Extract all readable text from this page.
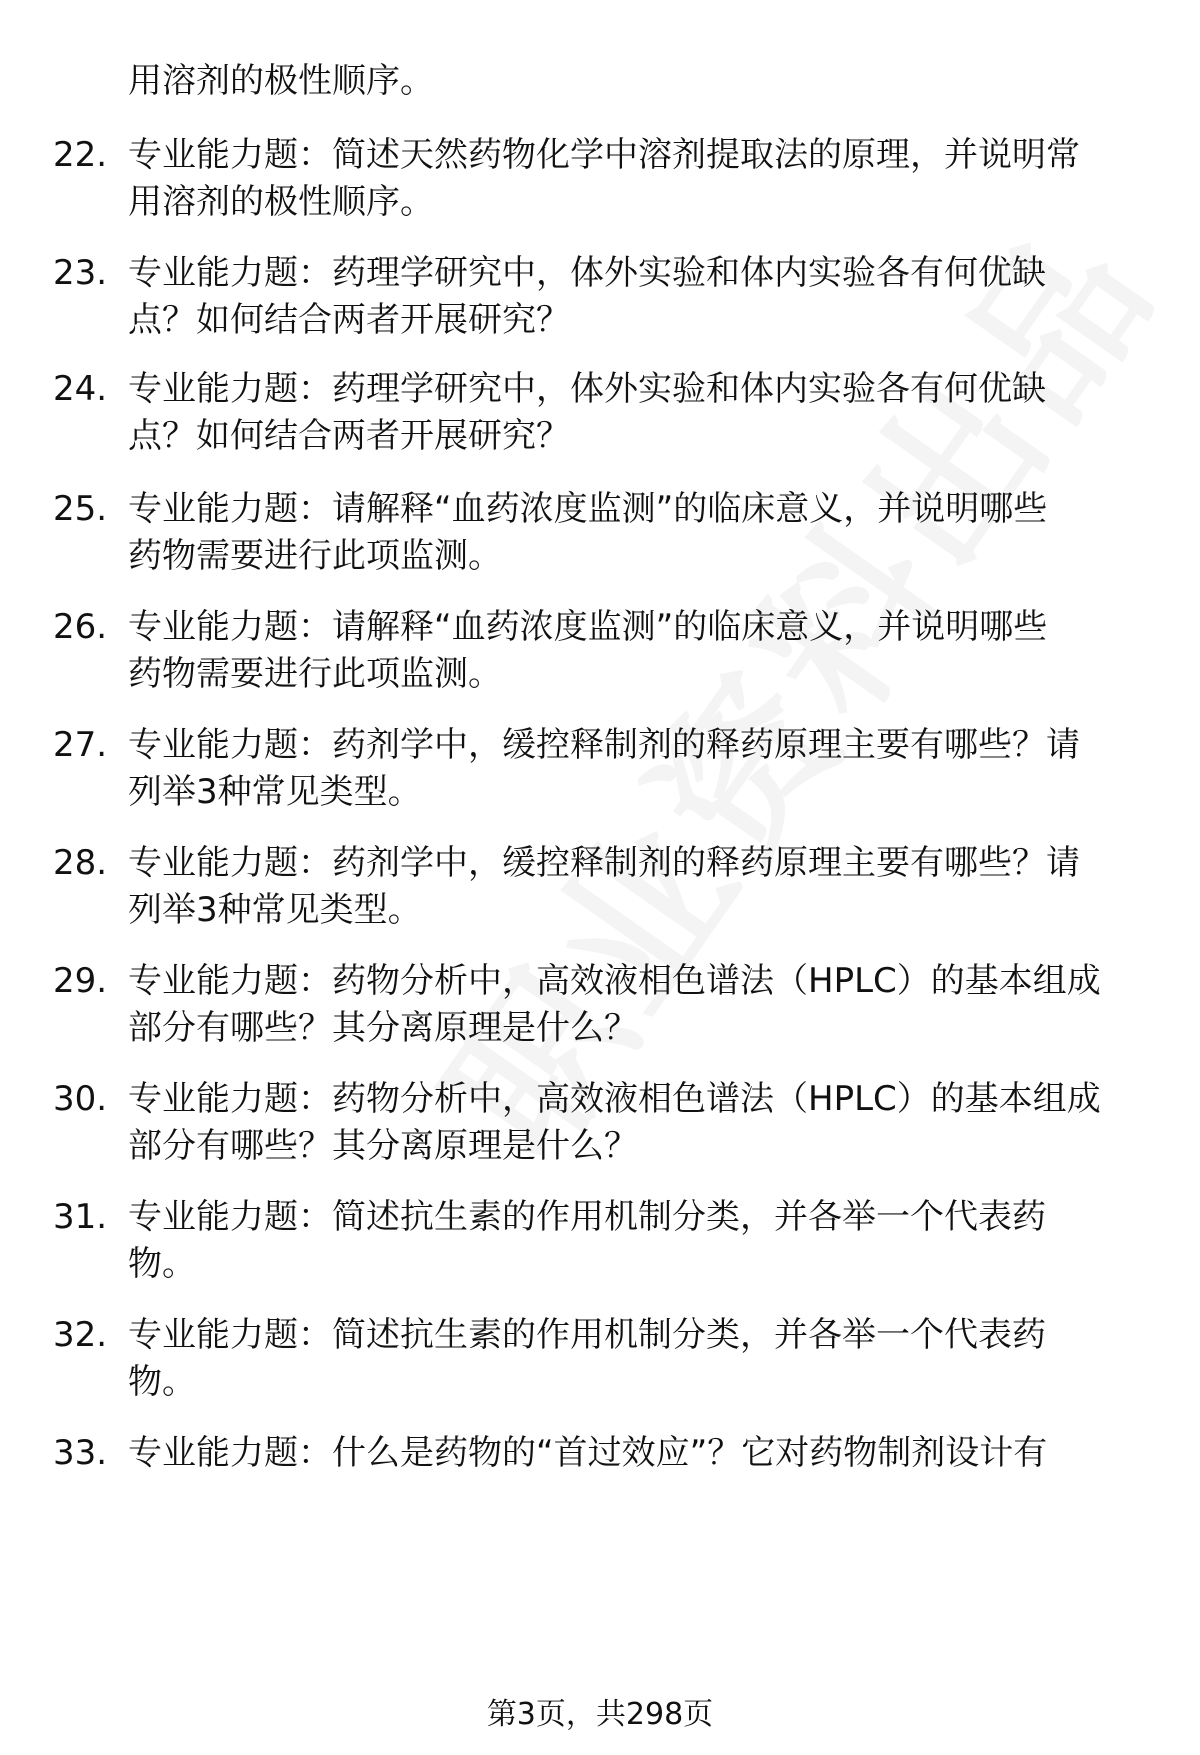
用溶剂的极性顺序。
22. 专业能力题：简述天然药物化学中溶剂提取法的原理，并说明常
用溶剂的极性顺序。
23. 专业能力题：药理学研究中，体外实验和体内实验各有何优缺
点？如何结合两者开展研究？
24. 专业能力题：药理学研究中，体外实验和体内实验各有何优缺
点？如何结合两者开展研究？
25. 专业能力题：请解释“血药浓度监测”的临床意义，并说明哪些
药物需要进行此项监测。
26. 专业能力题：请解释“血药浓度监测”的临床意义，并说明哪些
药物需要进行此项监测。
27. 专业能力题：药剂学中，缓控释制剂的释药原理主要有哪些？请
列举3种常见类型。
28. 专业能力题：药剂学中，缓控释制剂的释药原理主要有哪些？请
列举3种常见类型。
29. 专业能力题：药物分析中，高效液相色谱法（HPLC）的基本组成
部分有哪些？其分离原理是什么？
30. 专业能力题：药物分析中，高效液相色谱法（HPLC）的基本组成
部分有哪些？其分离原理是什么？
31. 专业能力题：简述抗生素的作用机制分类，并各举一个代表药
物。
32. 专业能力题：简述抗生素的作用机制分类，并各举一个代表药
物。
33. 专业能力题：什么是药物的“首过效应”？它对药物制剂设计有
第3页，共298页
